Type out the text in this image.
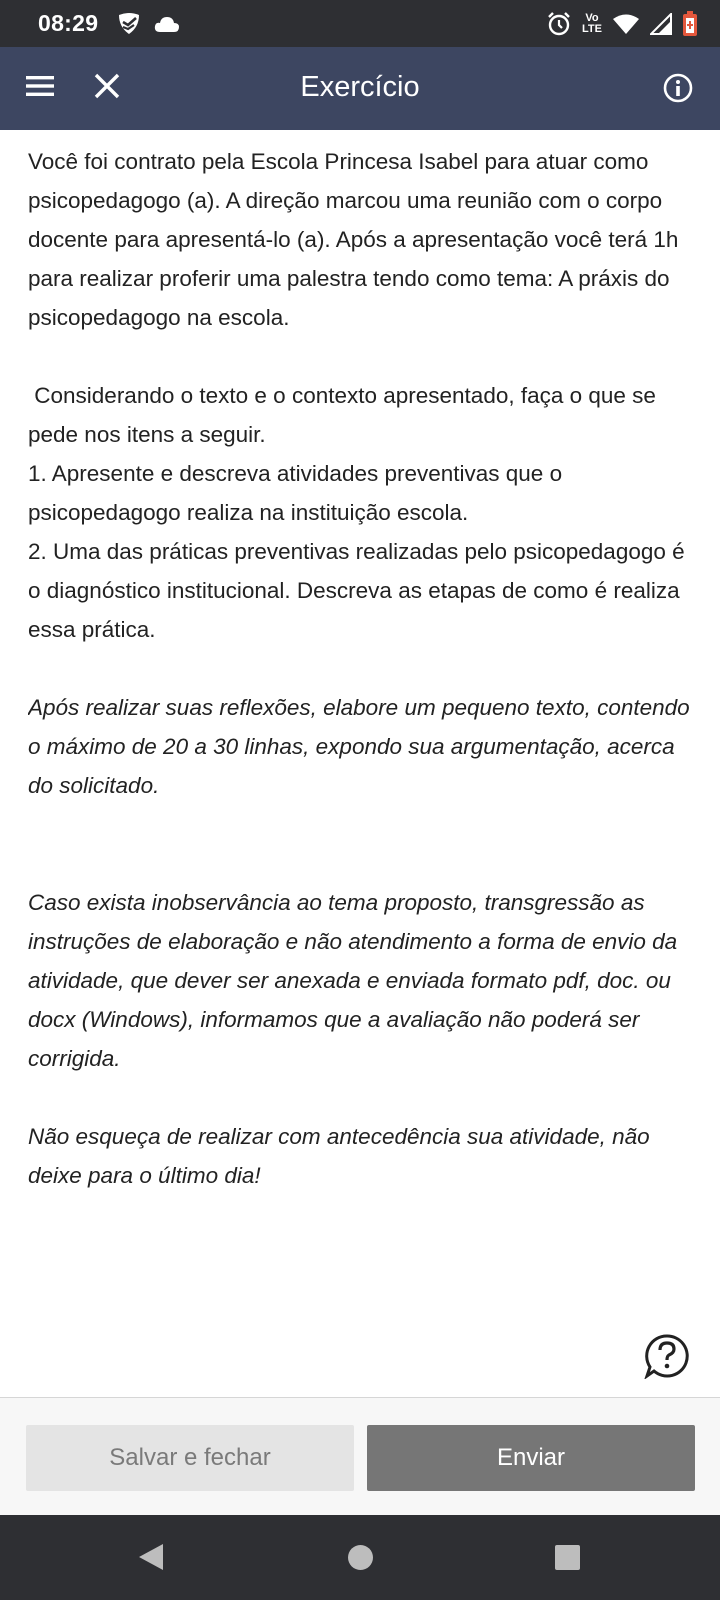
08:29	Vo
LTE
Exercício

Você foi contrato pela Escola Princesa Isabel para atuar como psicopedagogo (a). A direção marcou uma reunião com o corpo docente para apresentá-lo (a). Após a apresentação você terá 1h para realizar proferir uma palestra tendo como tema: A práxis do psicopedagogo na escola.

Considerando o texto e o contexto apresentado, faça o que se pede nos itens a seguir.

1. Apresente e descreva atividades preventivas que o psicopedagogo realiza na instituição escola.

2. Uma das práticas preventivas realizadas pelo psicopedagogo é o diagnóstico institucional. Descreva as etapas de como é realiza essa prática.

Após realizar suas reflexões, elabore um pequeno texto, contendo o máximo de 20 a 30 linhas, expondo sua argumentação, acerca do solicitado.

Caso exista inobservância ao tema proposto, transgressão as instruções de elaboração e não atendimento a forma de envio da atividade, que dever ser anexada e enviada formato pdf, doc. ou docx (Windows), informamos que a avaliação não poderá ser corrigida.

Não esqueça de realizar com antecedência sua atividade, não deixe para o último dia!

Salvar e fechar	Enviar
